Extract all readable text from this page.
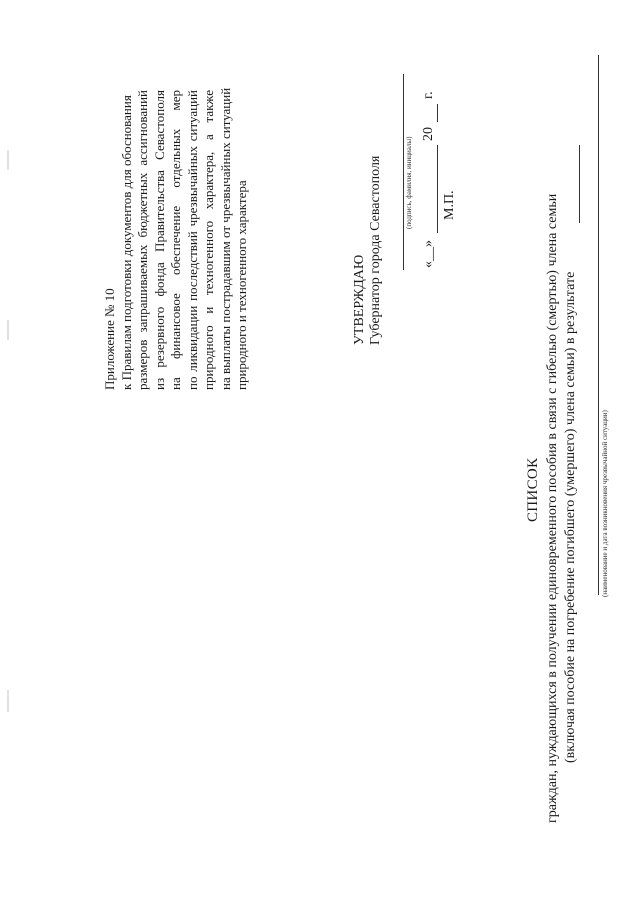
Приложение № 10 к Правилам подготовки документов для обоснования размеров запрашиваемых бюджетных ассигнований из резервного фонда Правительства Севастополя на финансовое обеспечение отдельных мер по ликвидации последствий чрезвычайных ситуаций природного и техногенного характера, а также на выплаты пострадавшим от чрезвычайных ситуаций природного и техногенного характера	УТВЕРЖДАЮ Губернатор города Севастополя	(подпись, фамилия, инициалы)
«__»
20
г.
М.П.
СПИСОК граждан, нуждающихся в получении единовременного пособия в связи с гибелью (смертью) члена семьи (включая пособие на погребение погибшего (умершего) члена семьи) в результате	(наименование и дата возникновения чрезвычайной ситуации)
